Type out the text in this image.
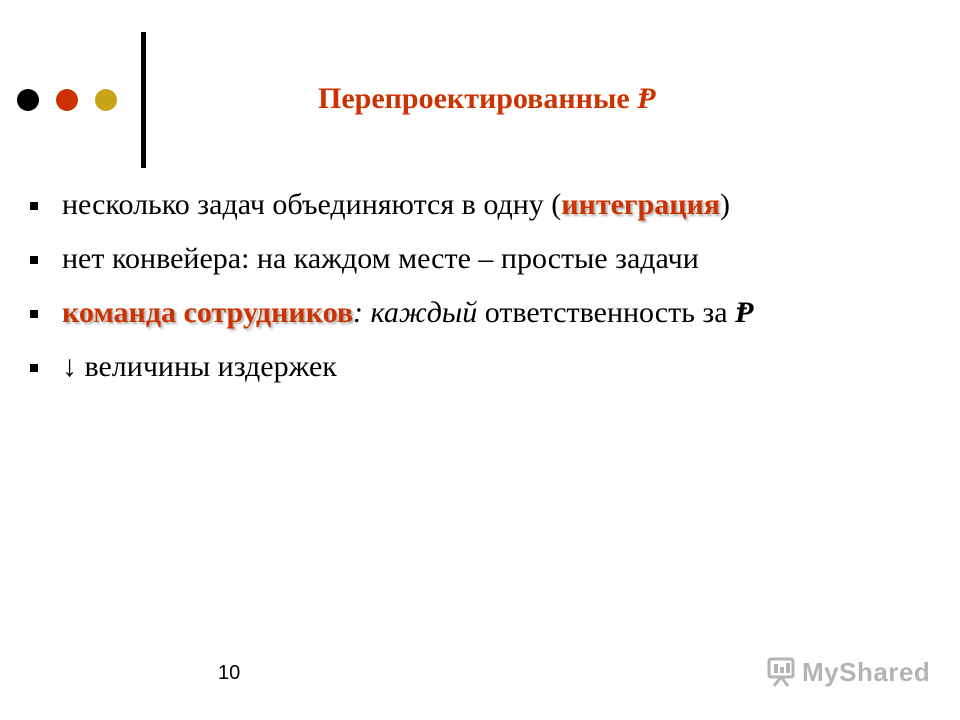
Перепроектированные Ᵽ
несколько задач объединяются в одну (интеграция)
нет конвейера: на каждом месте – простые задачи
команда сотрудников: каждый ответственность за Ᵽ
↓ величины издержек
10	MyShared
